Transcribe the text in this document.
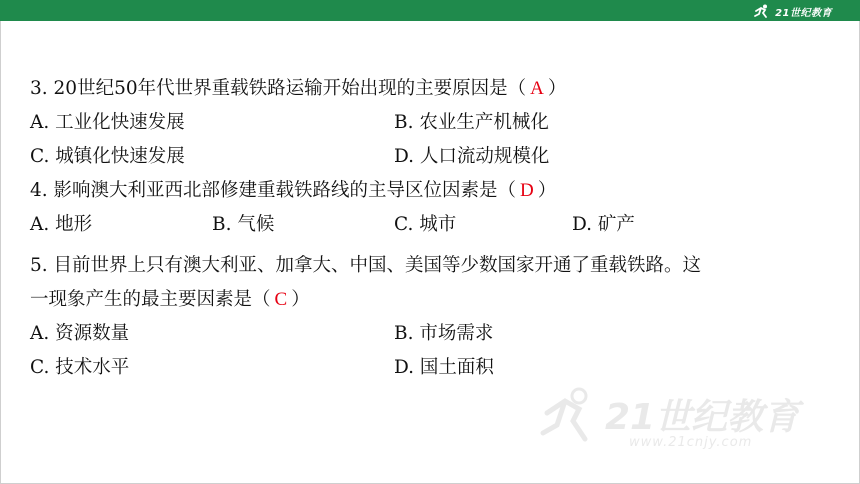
21世纪教育
3. 20世纪50年代世界重载铁路运输开始出现的主要原因是（ A ）
A. 工业化快速发展	B. 农业生产机械化
C. 城镇化快速发展	D. 人口流动规模化
4. 影响澳大利亚西北部修建重载铁路线的主导区位因素是（ D ）
A. 地形	B. 气候	C. 城市	D. 矿产
5. 目前世界上只有澳大利亚、加拿大、中国、美国等少数国家开通了重载铁路。这
一现象产生的最主要因素是（ C ）
A. 资源数量	B. 市场需求
C. 技术水平	D. 国土面积
21世纪教育
www.21cnjy.com
